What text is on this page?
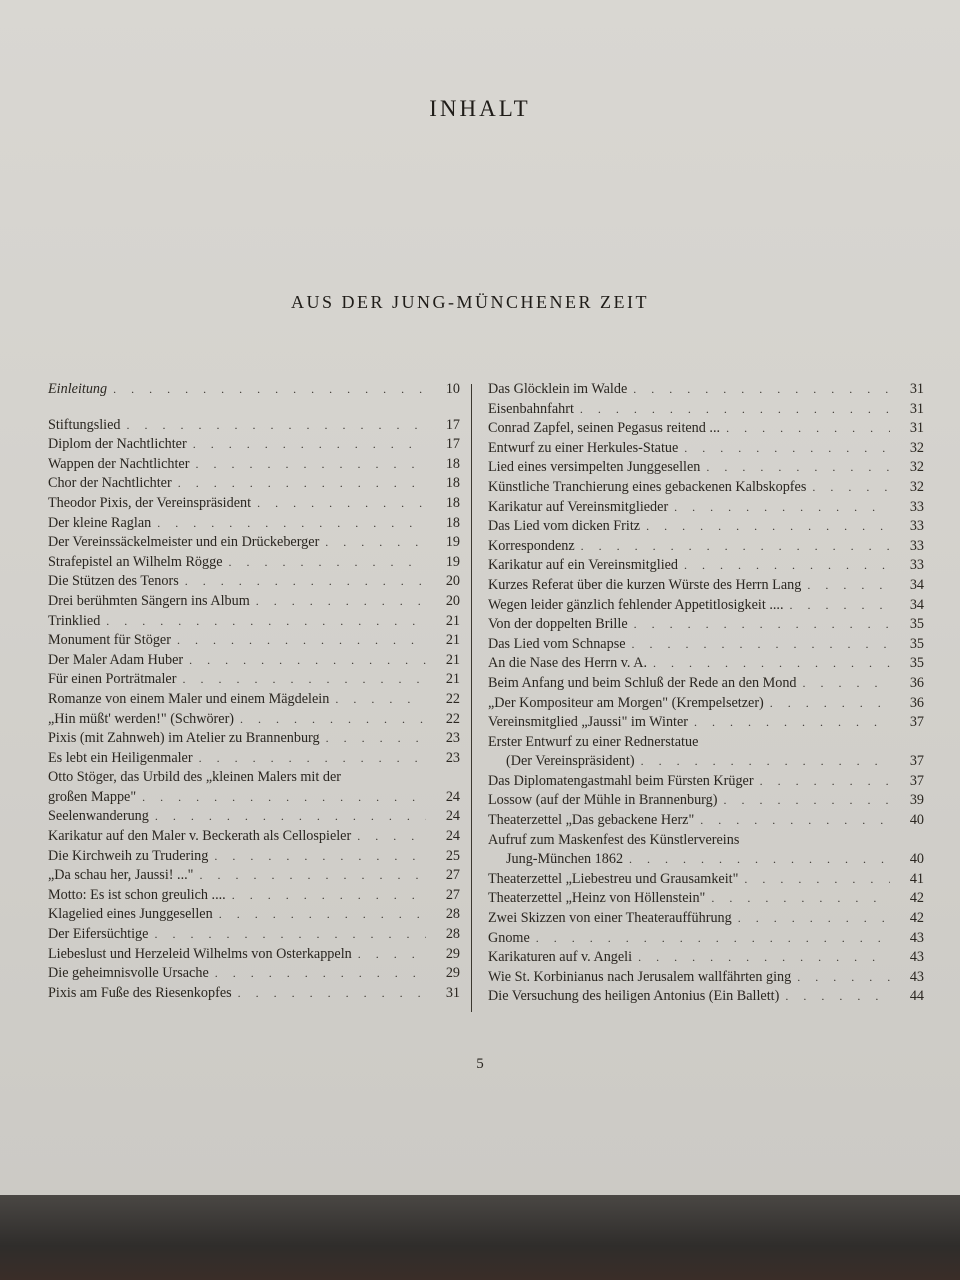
INHALT
AUS DER JUNG-MÜNCHENER ZEIT
Einleitung . . .	10
Stiftungslied . . .	17
Diplom der Nachtlichter . . .	17
Wappen der Nachtlichter . . .	18
Chor der Nachtlichter . . .	18
Theodor Pixis, der Vereinspräsident . . .	18
Der kleine Raglan . . .	18
Der Vereinssäckelmeister und ein Drückeberger . . .	19
Strafepistel an Wilhelm Rögge . . .	19
Die Stützen des Tenors . . .	20
Drei berühmten Sängern ins Album . . .	20
Trinklied . . .	21
Monument für Stöger . . .	21
Der Maler Adam Huber . . .	21
Für einen Porträtmaler . . .	21
Romanze von einem Maler und einem Mägdelein . . .	22
„Hin müßt' werden!" (Schwörer) . . .	22
Pixis (mit Zahnweh) im Atelier zu Brannenburg . . .	23
Es lebt ein Heiligenmaler . . .	23
Otto Stöger, das Urbild des „kleinen Malers mit der
großen Mappe" . . .	24
Seelenwanderung . . .	24
Karikatur auf den Maler v. Beckerath als Cellospieler . . .	24
Die Kirchweih zu Trudering . . .	25
„Da schau her, Jaussi! ..." . . .	27
Motto: Es ist schon greulich .... . . .	27
Klagelied eines Junggesellen . . .	28
Der Eifersüchtige . . .	28
Liebeslust und Herzeleid Wilhelms von Osterkappeln . . .	29
Die geheimnisvolle Ursache . . .	29
Pixis am Fuße des Riesenkopfes . . .	31
Das Glöcklein im Walde . . .	31
Eisenbahnfahrt . . .	31
Conrad Zapfel, seinen Pegasus reitend ... . . .	31
Entwurf zu einer Herkules-Statue . . .	32
Lied eines versimpelten Junggesellen . . .	32
Künstliche Tranchierung eines gebackenen Kalbskopfes . . .	32
Karikatur auf Vereinsmitglieder . . .	33
Das Lied vom dicken Fritz . . .	33
Korrespondenz . . .	33
Karikatur auf ein Vereinsmitglied . . .	33
Kurzes Referat über die kurzen Würste des Herrn Lang . . .	34
Wegen leider gänzlich fehlender Appetitlosigkeit .... . . .	34
Von der doppelten Brille . . .	35
Das Lied vom Schnapse . . .	35
An die Nase des Herrn v. A. . . .	35
Beim Anfang und beim Schluß der Rede an den Mond . . .	36
„Der Kompositeur am Morgen" (Krempelsetzer) . . .	36
Vereinsmitglied „Jaussi" im Winter . . .	37
Erster Entwurf zu einer Rednerstatue
(Der Vereinspräsident) . . .	37
Das Diplomatengastmahl beim Fürsten Krüger . . .	37
Lossow (auf der Mühle in Brannenburg) . . .	39
Theaterzettel „Das gebackene Herz" . . .	40
Aufruf zum Maskenfest des Künstlervereins
Jung-München 1862 . . .	40
Theaterzettel „Liebestreu und Grausamkeit" . . .	41
Theaterzettel „Heinz von Höllenstein" . . .	42
Zwei Skizzen von einer Theateraufführung . . .	42
Gnome . . .	43
Karikaturen auf v. Angeli . . .	43
Wie St. Korbinianus nach Jerusalem wallfährten ging . . .	43
Die Versuchung des heiligen Antonius (Ein Ballett) . . .	44
5
